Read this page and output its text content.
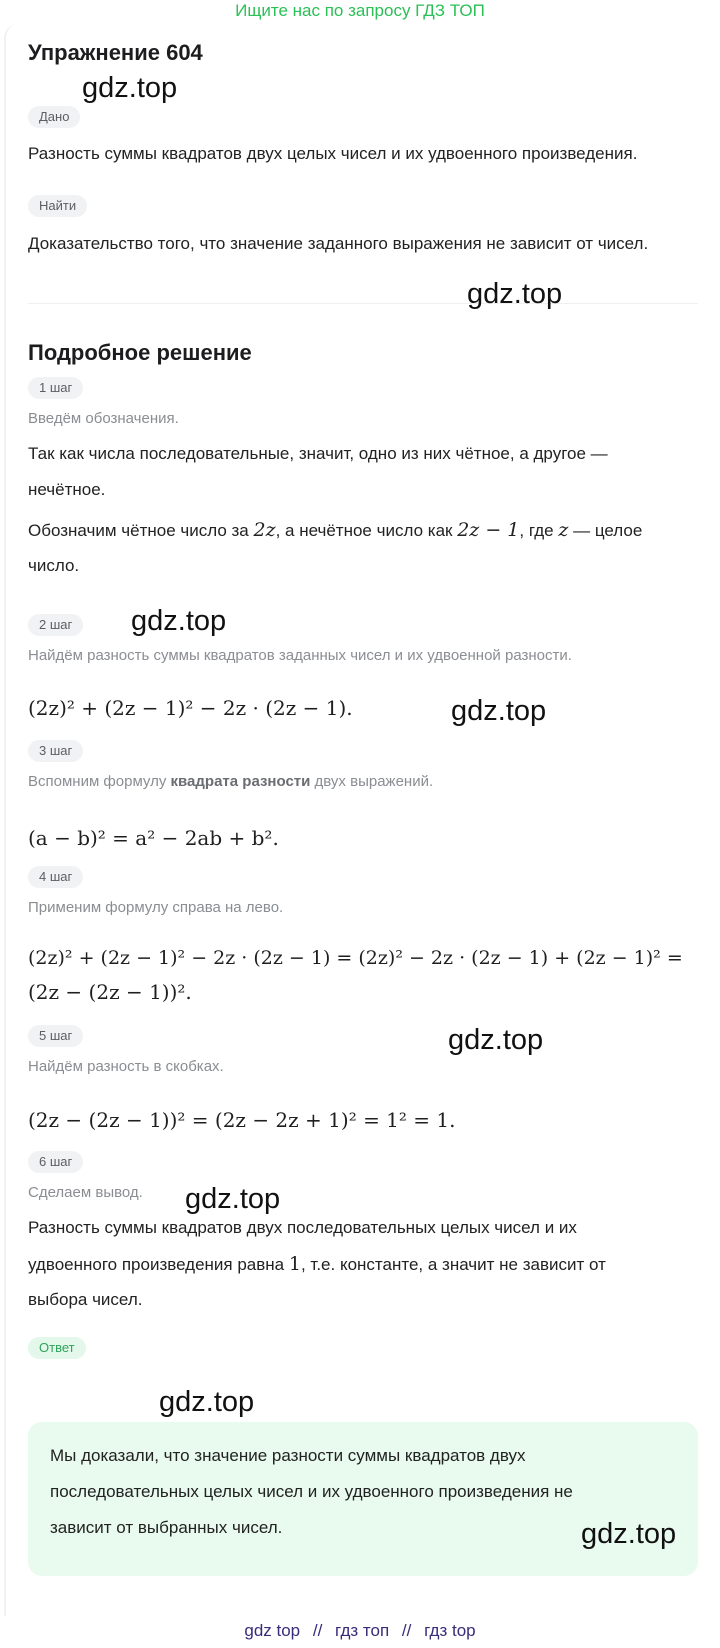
Ищите нас по запросу ГДЗ ТОП
Упражнение 604
Дано
Разность суммы квадратов двух целых чисел и их удвоенного произведения.
Найти
Доказательство того, что значение заданного выражения не зависит от чисел.
Подробное решение
1 шаг
Введём обозначения.
Так как числа последовательные, значит, одно из них чётное, а другое —
нечётное.
Обозначим чётное число за 2z, а нечётное число как 2z − 1, где z — целое
число.
2 шаг
Найдём разность суммы квадратов заданных чисел и их удвоенной разности.
(2z)² + (2z − 1)² − 2z · (2z − 1).
3 шаг
Вспомним формулу квадрата разности двух выражений.
(a − b)² = a² − 2ab + b².
4 шаг
Применим формулу справа на лево.
(2z)² + (2z − 1)² − 2z · (2z − 1) = (2z)² − 2z · (2z − 1) + (2z − 1)² =
(2z − (2z − 1))².
5 шаг
Найдём разность в скобках.
(2z − (2z − 1))² = (2z − 2z + 1)² = 1² = 1.
6 шаг
Сделаем вывод.
Разность суммы квадратов двух последовательных целых чисел и их
удвоенного произведения равна 1, т.е. константе, а значит не зависит от
выбора чисел.
Ответ
Мы доказали, что значение разности суммы квадратов двух
последовательных целых чисел и их удвоенного произведения не
зависит от выбранных чисел.
gdz.top
gdz.top
gdz.top
gdz.top
gdz.top
gdz.top
gdz.top
gdz.top
gdz top // гдз топ // гдз top
